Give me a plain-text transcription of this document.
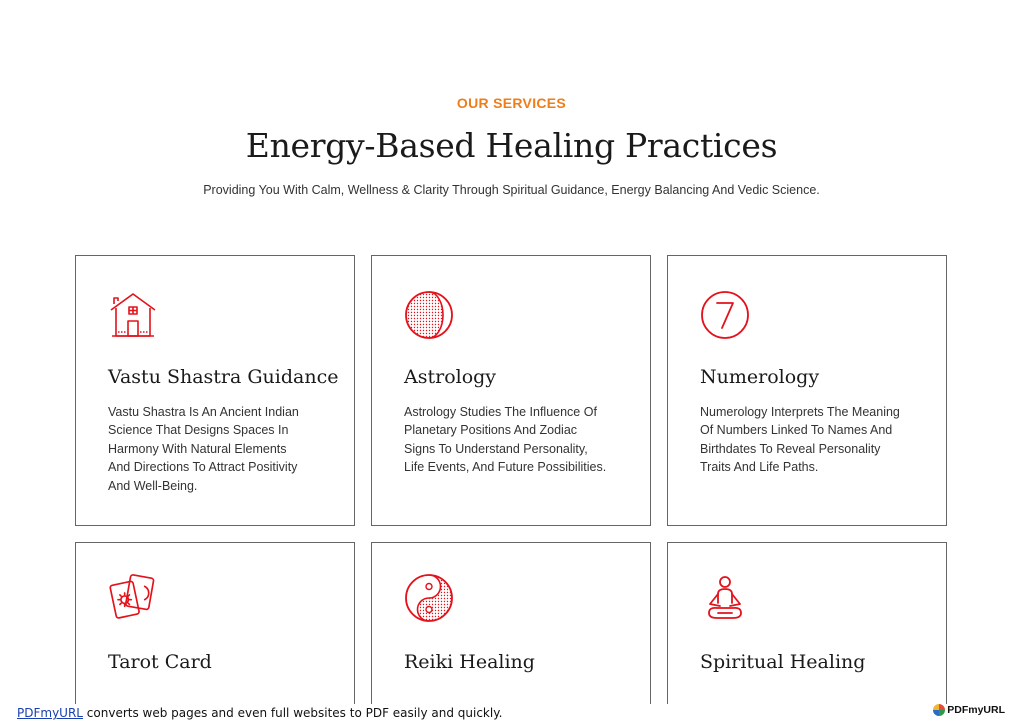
OUR SERVICES
Energy-Based Healing Practices

Providing You With Calm, Wellness & Clarity Through Spiritual Guidance, Energy Balancing And Vedic Science.

Vastu Shastra Guidance
Vastu Shastra Is An Ancient Indian
Science That Designs Spaces In
Harmony With Natural Elements
And Directions To Attract Positivity
And Well-Being.
Astrology
Astrology Studies The Influence Of
Planetary Positions And Zodiac
Signs To Understand Personality,
Life Events, And Future Possibilities.
Numerology
Numerology Interprets The Meaning
Of Numbers Linked To Names And
Birthdates To Reveal Personality
Traits And Life Paths.
Tarot Card	Reiki Healing	Spiritual Healing
PDFmyURL converts web pages and even full websites to PDF easily and quickly.	PDFmyURL
